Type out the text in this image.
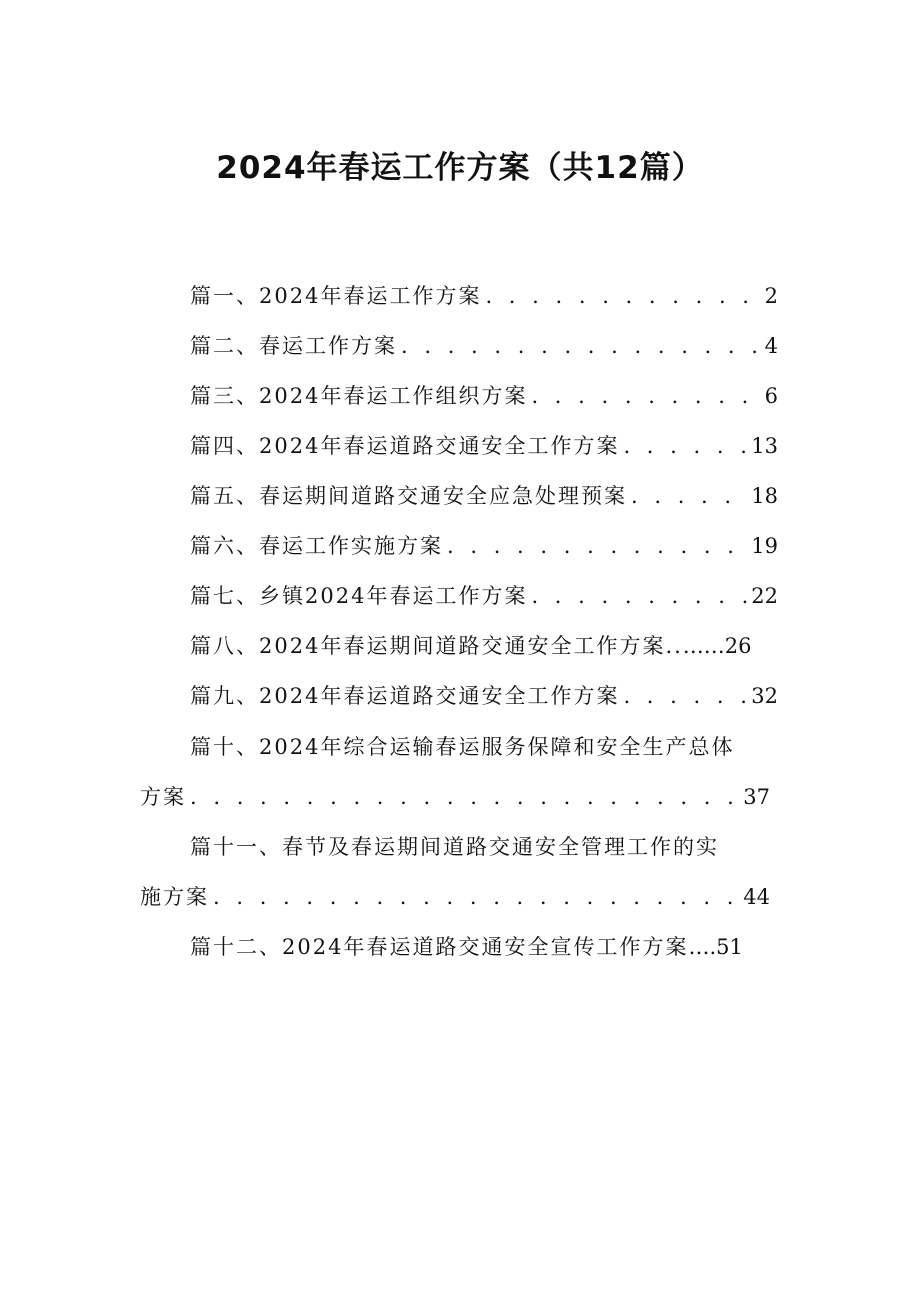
2024年春运工作方案（共12篇）
篇一、2024年春运工作方案 . . .	2
篇二、春运工作方案 . . .	4
篇三、2024年春运工作组织方案 . . .	6
篇四、2024年春运道路交通安全工作方案 . . .	13
篇五、春运期间道路交通安全应急处理预案 . . .	18
篇六、春运工作实施方案 . . .	19
篇七、乡镇2024年春运工作方案 . . .	22
篇八、2024年春运期间道路交通安全工作方案.. ……26
篇九、2024年春运道路交通安全工作方案 . . .	32
篇十、2024年综合运输春运服务保障和安全生产总体
方案 . . .	37
篇十一、春节及春运期间道路交通安全管理工作的实
施方案 . . .	44
篇十二、2024年春运道路交通安全宣传工作方案 ….51
